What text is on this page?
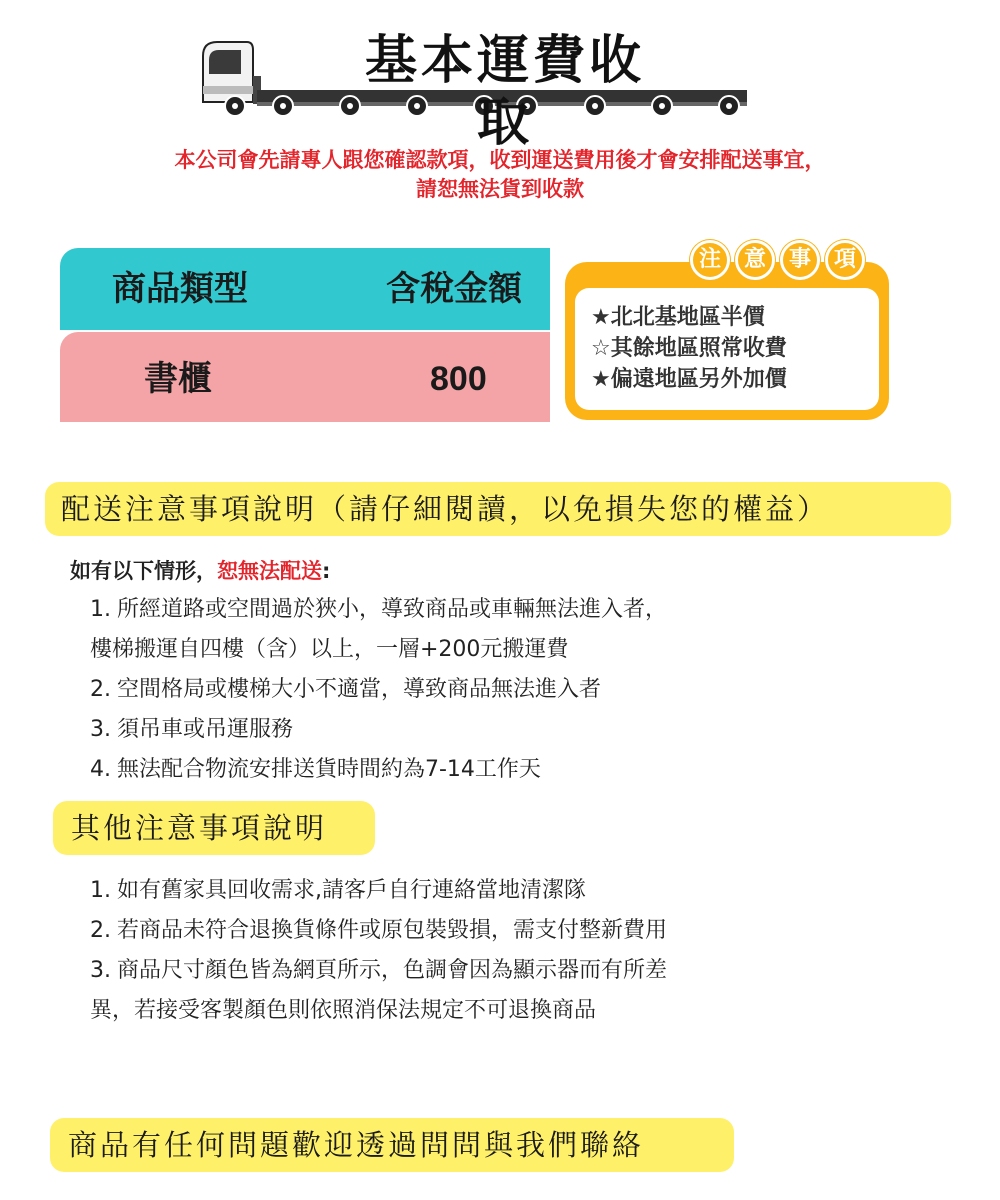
基本運費收取
本公司會先請專人跟您確認款項，收到運送費用後才會安排配送事宜，
請恕無法貨到收款
商品類型	含稅金額
書櫃	800
★北北基地區半價
☆其餘地區照常收費
★偏遠地區另外加價
注	意	事	項
配送注意事項說明（請仔細閱讀，以免損失您的權益）
如有以下情形，恕無法配送:
1. 所經道路或空間過於狹小，導致商品或車輛無法進入者，
樓梯搬運自四樓（含）以上，一層+200元搬運費
2. 空間格局或樓梯大小不適當，導致商品無法進入者
3. 須吊車或吊運服務
4. 無法配合物流安排送貨時間約為7-14工作天
其他注意事項說明
1. 如有舊家具回收需求,請客戶自行連絡當地清潔隊
2. 若商品未符合退換貨條件或原包裝毀損，需支付整新費用
3. 商品尺寸顏色皆為網頁所示，色調會因為顯示器而有所差
異，若接受客製顏色則依照消保法規定不可退換商品
商品有任何問題歡迎透過問問與我們聯絡
